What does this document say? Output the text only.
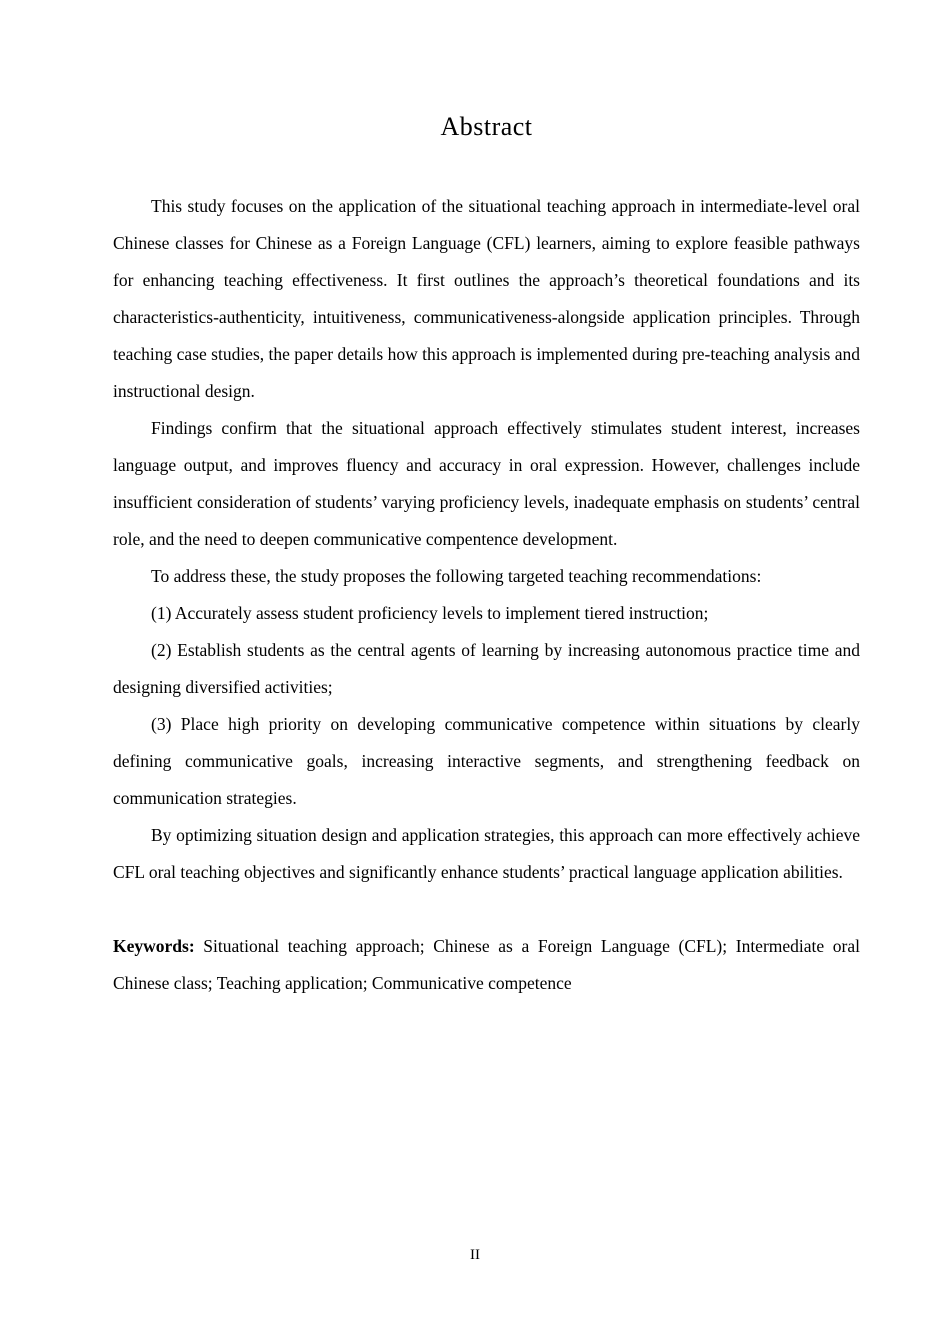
Abstract

This study focuses on the application of the situational teaching approach in intermediate-level oral Chinese classes for Chinese as a Foreign Language (CFL) learners, aiming to explore feasible pathways for enhancing teaching effectiveness. It first outlines the approach’s theoretical foundations and its characteristics-authenticity, intuitiveness, communicativeness-alongside application principles. Through teaching case studies, the paper details how this approach is implemented during pre-teaching analysis and instructional design.

Findings confirm that the situational approach effectively stimulates student interest, increases language output, and improves fluency and accuracy in oral expression. However, challenges include insufficient consideration of students’ varying proficiency levels, inadequate emphasis on students’ central role, and the need to deepen communicative compentence development.

To address these, the study proposes the following targeted teaching recommendations:

(1) Accurately assess student proficiency levels to implement tiered instruction;

(2) Establish students as the central agents of learning by increasing autonomous practice time and designing diversified activities;

(3) Place high priority on developing communicative competence within situations by clearly defining communicative goals, increasing interactive segments, and strengthening feedback on communication strategies.

By optimizing situation design and application strategies, this approach can more effectively achieve CFL oral teaching objectives and significantly enhance students’ practical language application abilities.

Keywords: Situational teaching approach; Chinese as a Foreign Language (CFL); Intermediate oral Chinese class; Teaching application; Communicative competence

II
